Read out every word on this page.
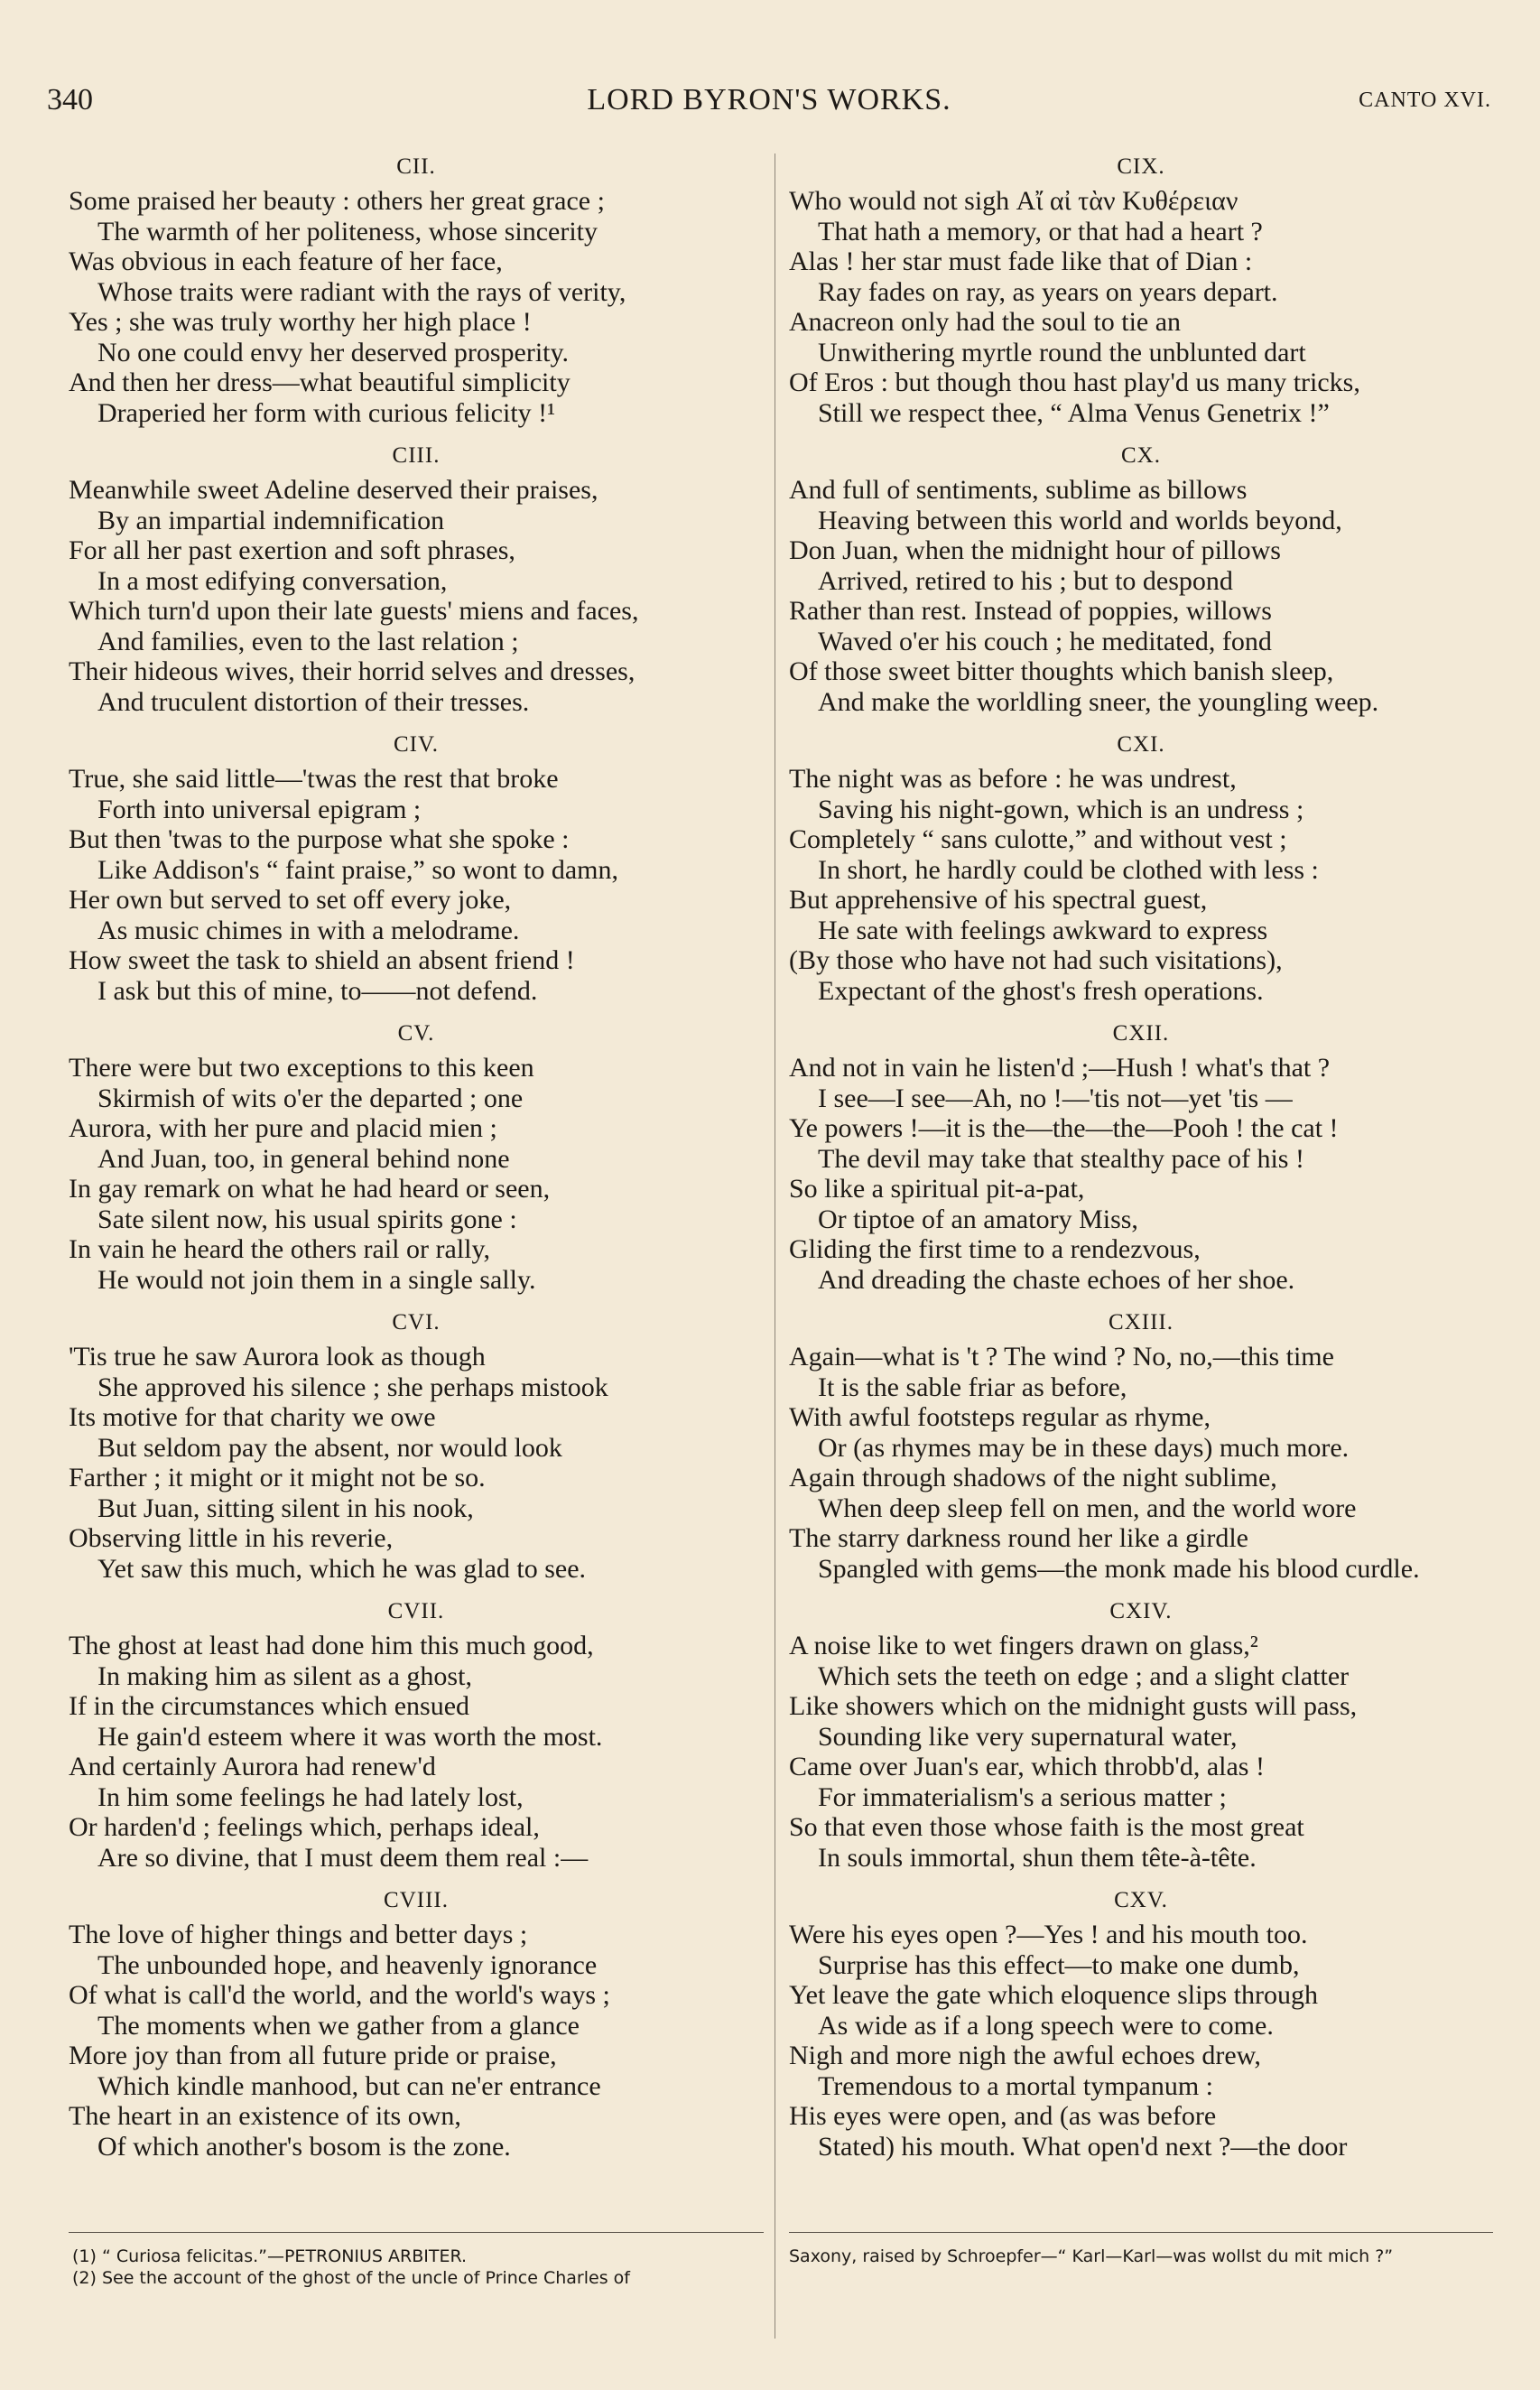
340	LORD BYRON'S WORKS.	CANTO XVI.
CII.
Some praised her beauty : others her great grace ;
The warmth of her politeness, whose sincerity
Was obvious in each feature of her face,
Whose traits were radiant with the rays of verity,
Yes ; she was truly worthy her high place !
No one could envy her deserved prosperity.
And then her dress—what beautiful simplicity
Draperied her form with curious felicity !¹
CIII.
Meanwhile sweet Adeline deserved their praises,
By an impartial indemnification
For all her past exertion and soft phrases,
In a most edifying conversation,
Which turn'd upon their late guests' miens and faces,
And families, even to the last relation ;
Their hideous wives, their horrid selves and dresses,
And truculent distortion of their tresses.
CIV.
True, she said little—'twas the rest that broke
Forth into universal epigram ;
But then 'twas to the purpose what she spoke :
Like Addison's “ faint praise,” so wont to damn,
Her own but served to set off every joke,
As music chimes in with a melodrame.
How sweet the task to shield an absent friend !
I ask but this of mine, to——not defend.
CV.
There were but two exceptions to this keen
Skirmish of wits o'er the departed ; one
Aurora, with her pure and placid mien ;
And Juan, too, in general behind none
In gay remark on what he had heard or seen,
Sate silent now, his usual spirits gone :
In vain he heard the others rail or rally,
He would not join them in a single sally.
CVI.
'Tis true he saw Aurora look as though
She approved his silence ; she perhaps mistook
Its motive for that charity we owe
But seldom pay the absent, nor would look
Farther ; it might or it might not be so.
But Juan, sitting silent in his nook,
Observing little in his reverie,
Yet saw this much, which he was glad to see.
CVII.
The ghost at least had done him this much good,
In making him as silent as a ghost,
If in the circumstances which ensued
He gain'd esteem where it was worth the most.
And certainly Aurora had renew'd
In him some feelings he had lately lost,
Or harden'd ; feelings which, perhaps ideal,
Are so divine, that I must deem them real :—
CVIII.
The love of higher things and better days ;
The unbounded hope, and heavenly ignorance
Of what is call'd the world, and the world's ways ;
The moments when we gather from a glance
More joy than from all future pride or praise,
Which kindle manhood, but can ne'er entrance
The heart in an existence of its own,
Of which another's bosom is the zone.
CIX.
Who would not sigh Αἴ αἰ τὰν Κυθέρειαν
That hath a memory, or that had a heart ?
Alas ! her star must fade like that of Dian :
Ray fades on ray, as years on years depart.
Anacreon only had the soul to tie an
Unwithering myrtle round the unblunted dart
Of Eros : but though thou hast play'd us many tricks,
Still we respect thee, “ Alma Venus Genetrix !”
CX.
And full of sentiments, sublime as billows
Heaving between this world and worlds beyond,
Don Juan, when the midnight hour of pillows
Arrived, retired to his ; but to despond
Rather than rest. Instead of poppies, willows
Waved o'er his couch ; he meditated, fond
Of those sweet bitter thoughts which banish sleep,
And make the worldling sneer, the youngling weep.
CXI.
The night was as before : he was undrest,
Saving his night-gown, which is an undress ;
Completely “ sans culotte,” and without vest ;
In short, he hardly could be clothed with less :
But apprehensive of his spectral guest,
He sate with feelings awkward to express
(By those who have not had such visitations),
Expectant of the ghost's fresh operations.
CXII.
And not in vain he listen'd ;—Hush ! what's that ?
I see—I see—Ah, no !—'tis not—yet 'tis —
Ye powers !—it is the—the—the—Pooh ! the cat !
The devil may take that stealthy pace of his !
So like a spiritual pit-a-pat,
Or tiptoe of an amatory Miss,
Gliding the first time to a rendezvous,
And dreading the chaste echoes of her shoe.
CXIII.
Again—what is 't ? The wind ? No, no,—this time
It is the sable friar as before,
With awful footsteps regular as rhyme,
Or (as rhymes may be in these days) much more.
Again through shadows of the night sublime,
When deep sleep fell on men, and the world wore
The starry darkness round her like a girdle
Spangled with gems—the monk made his blood curdle.
CXIV.
A noise like to wet fingers drawn on glass,²
Which sets the teeth on edge ; and a slight clatter
Like showers which on the midnight gusts will pass,
Sounding like very supernatural water,
Came over Juan's ear, which throbb'd, alas !
For immaterialism's a serious matter ;
So that even those whose faith is the most great
In souls immortal, shun them tête-à-tête.
CXV.
Were his eyes open ?—Yes ! and his mouth too.
Surprise has this effect—to make one dumb,
Yet leave the gate which eloquence slips through
As wide as if a long speech were to come.
Nigh and more nigh the awful echoes drew,
Tremendous to a mortal tympanum :
His eyes were open, and (as was before
Stated) his mouth. What open'd next ?—the door
(1) “ Curiosa felicitas.”—PETRONIUS ARBITER.
(2) See the account of the ghost of the uncle of Prince Charles of
Saxony, raised by Schroepfer—“ Karl—Karl—was wollst du mit mich ?”
